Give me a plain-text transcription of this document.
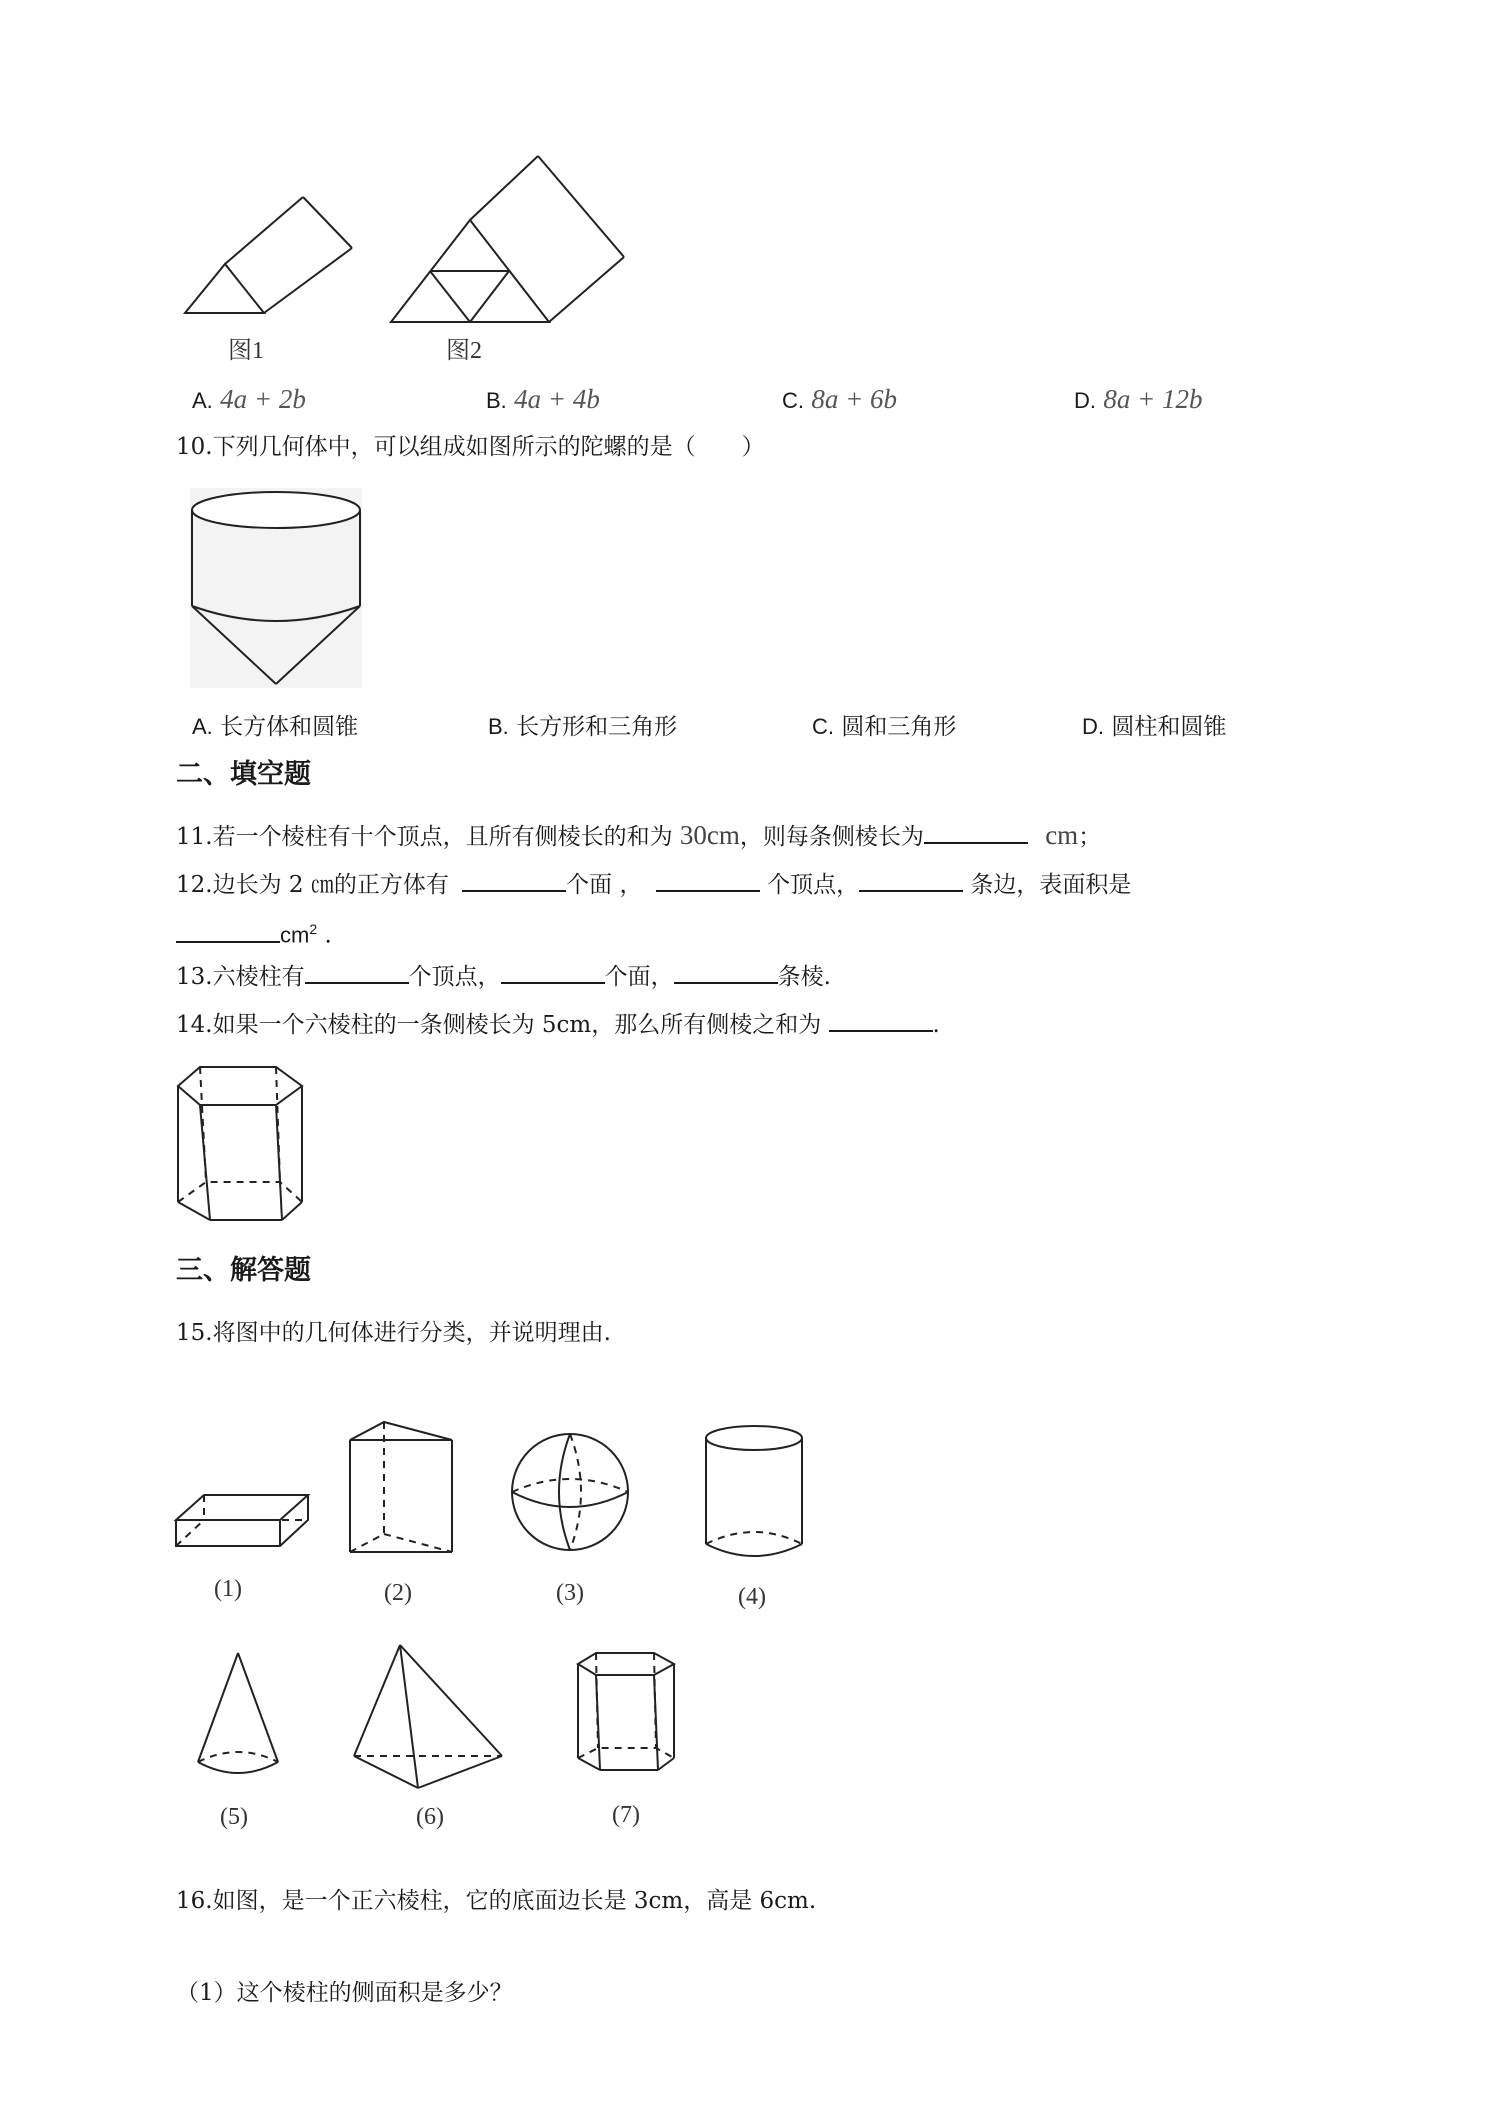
图1	图2
A. 4a + 2b	B. 4a + 4b	C. 8a + 6b	D. 8a + 12b
10.下列几何体中，可以组成如图所示的陀螺的是（　　）
A. 长方体和圆锥	B. 长方形和三角形	C. 圆和三角形	D. 圆柱和圆锥
二、填空题
11.若一个棱柱有十个顶点，且所有侧棱长的和为 30cm，则每条侧棱长为	cm；
12.边长为 2 ㎝的正方体有	个面 ，	个顶点，	条边，表面积是
$cm^2$ .
13.六棱柱有	个顶点，	个面，	条棱.
14.如果一个六棱柱的一条侧棱长为 5cm，那么所有侧棱之和为	.
三、解答题
15.将图中的几何体进行分类，并说明理由.
(1)	(2)	(3)	(4)
(5)	(6)	(7)
16.如图，是一个正六棱柱，它的底面边长是 3cm，高是 6cm.
（1）这个棱柱的侧面积是多少？
